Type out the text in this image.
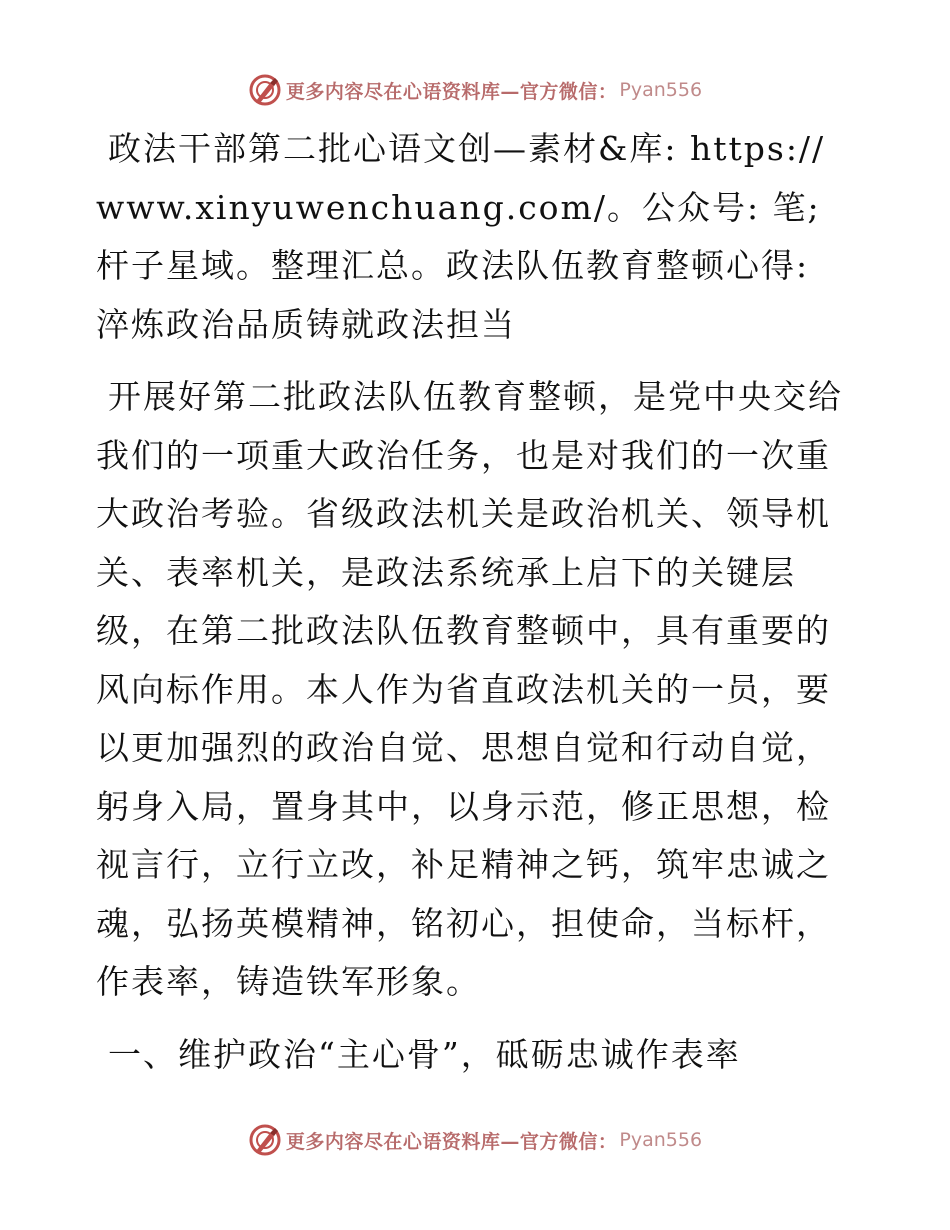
更多内容尽在心语资料库—官方微信： Pyan556

政法干部第二批心语文创—素材&库: https://www.xinyuwenchuang.com/。公众号: 笔;杆子星域。整理汇总。政法队伍教育整顿心得: 淬炼政治品质铸就政法担当

开展好第二批政法队伍教育整顿，是党中央交给我们的一项重大政治任务，也是对我们的一次重大政治考验。省级政法机关是政治机关、领导机关、表率机关，是政法系统承上启下的关键层级，在第二批政法队伍教育整顿中，具有重要的风向标作用。本人作为省直政法机关的一员，要以更加强烈的政治自觉、思想自觉和行动自觉，躬身入局，置身其中，以身示范，修正思想，检视言行，立行立改，补足精神之钙，筑牢忠诚之魂，弘扬英模精神，铭初心，担使命，当标杆，作表率，铸造铁军形象。

一、维护政治“主心骨”，砥砺忠诚作表率

更多内容尽在心语资料库—官方微信： Pyan556
